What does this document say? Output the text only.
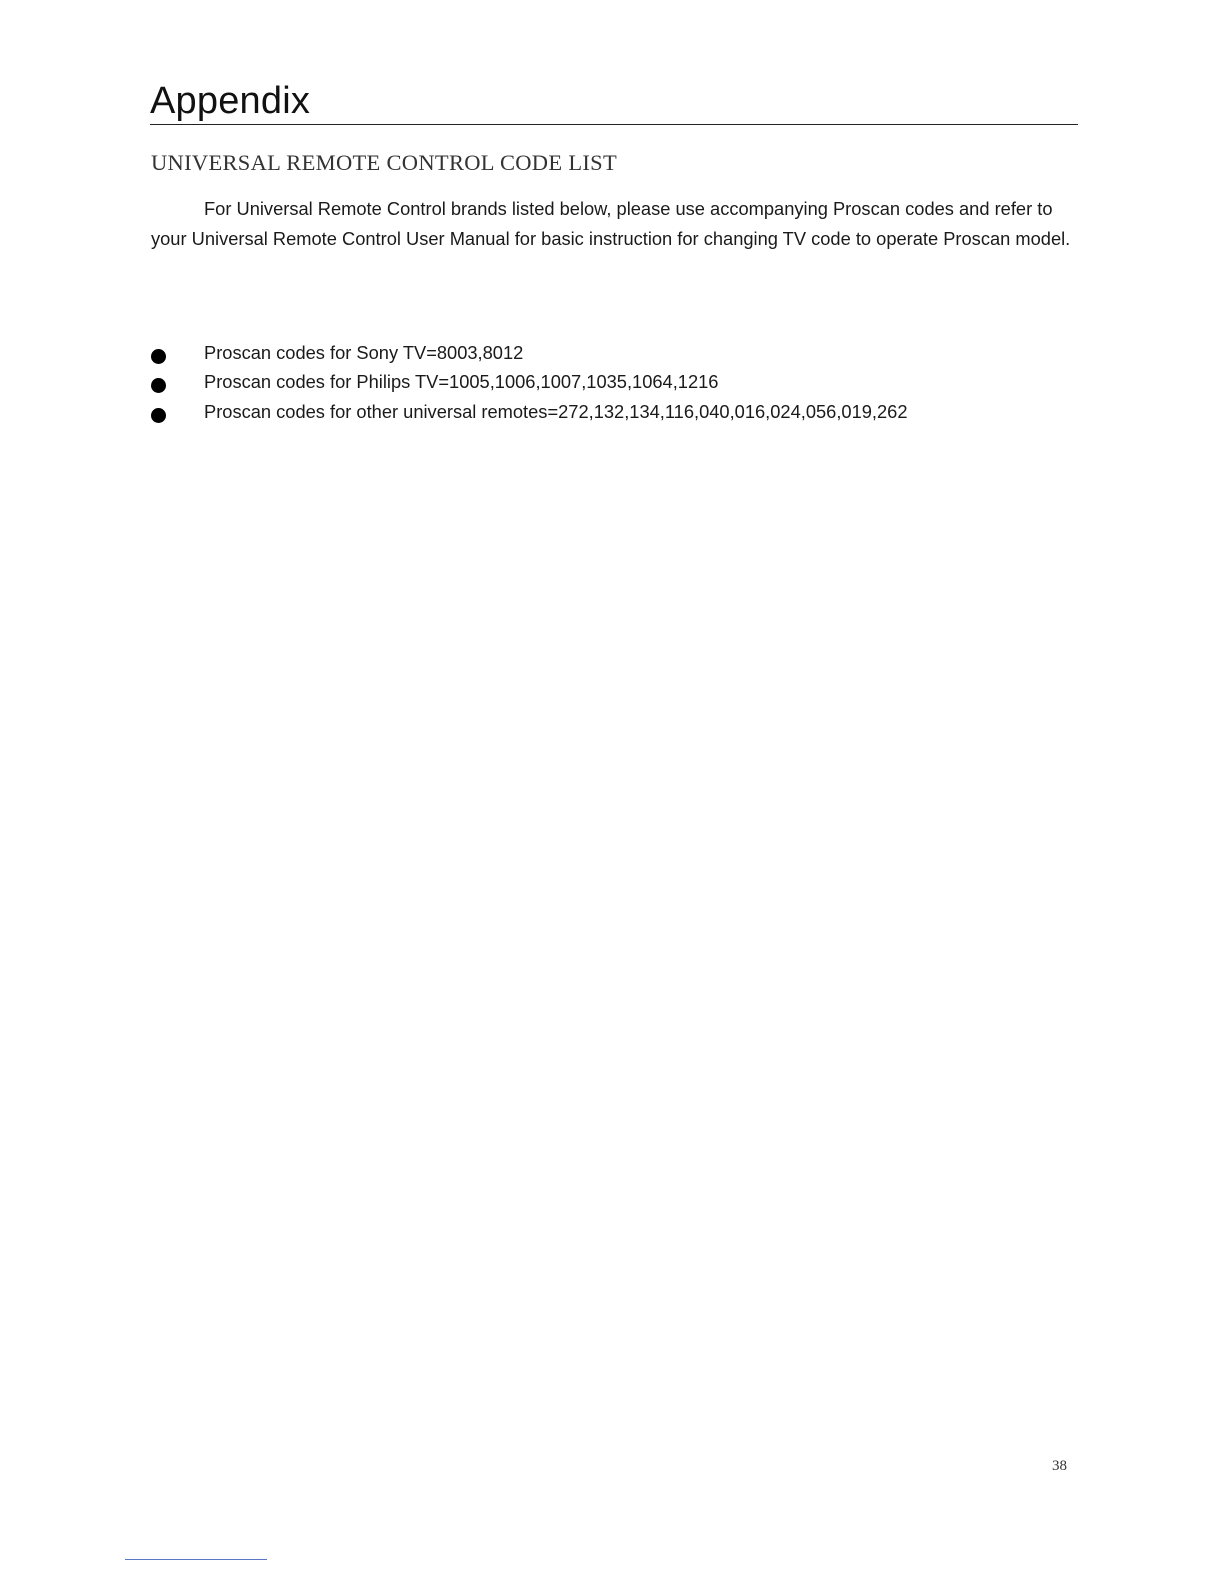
Appendix
UNIVERSAL REMOTE CONTROL CODE LIST

For Universal Remote Control brands listed below, please use accompanying Proscan codes and refer to your Universal Remote Control User Manual for basic instruction for changing TV code to operate Proscan model.

Proscan codes for Sony TV=8003,8012
Proscan codes for Philips TV=1005,1006,1007,1035,1064,1216
Proscan codes for other universal remotes=272,132,134,116,040,016,024,056,019,262
38
